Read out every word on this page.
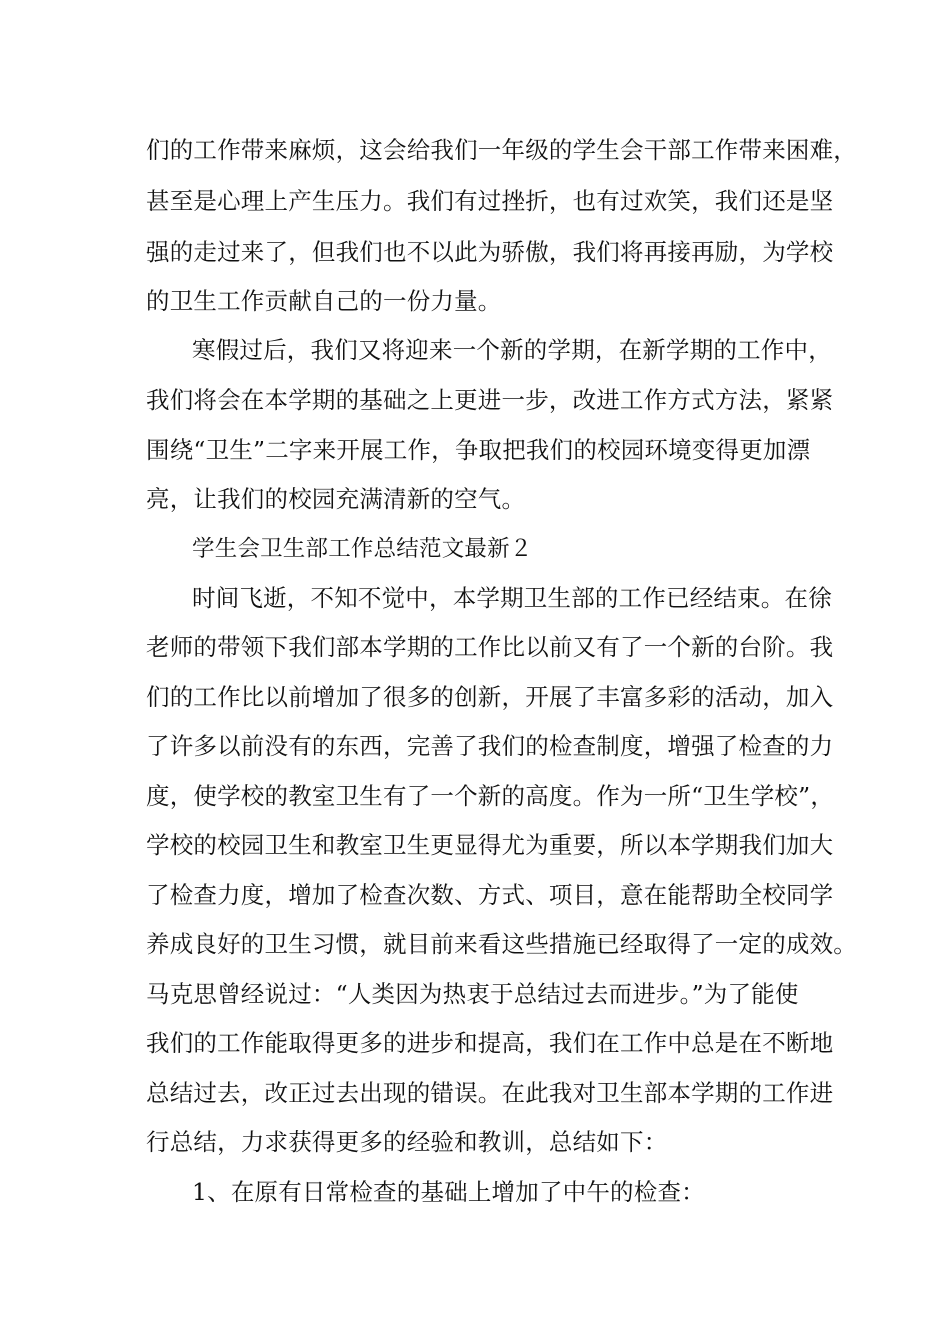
们的工作带来麻烦，这会给我们一年级的学生会干部工作带来困难，
甚至是心理上产生压力。我们有过挫折，也有过欢笑，我们还是坚
强的走过来了，但我们也不以此为骄傲，我们将再接再励，为学校
的卫生工作贡献自己的一份力量。
寒假过后，我们又将迎来一个新的学期，在新学期的工作中，
我们将会在本学期的基础之上更进一步，改进工作方式方法，紧紧
围绕“卫生”二字来开展工作，争取把我们的校园环境变得更加漂
亮，让我们的校园充满清新的空气。
学生会卫生部工作总结范文最新２
时间飞逝，不知不觉中，本学期卫生部的工作已经结束。在徐
老师的带领下我们部本学期的工作比以前又有了一个新的台阶。我
们的工作比以前增加了很多的创新，开展了丰富多彩的活动，加入
了许多以前没有的东西，完善了我们的检查制度，增强了检查的力
度，使学校的教室卫生有了一个新的高度。作为一所“卫生学校”，
学校的校园卫生和教室卫生更显得尤为重要，所以本学期我们加大
了检查力度，增加了检查次数、方式、项目，意在能帮助全校同学
养成良好的卫生习惯，就目前来看这些措施已经取得了一定的成效。
马克思曾经说过：“人类因为热衷于总结过去而进步。”为了能使
我们的工作能取得更多的进步和提高，我们在工作中总是在不断地
总结过去，改正过去出现的错误。在此我对卫生部本学期的工作进
行总结，力求获得更多的经验和教训，总结如下：
1、在原有日常检查的基础上增加了中午的检查：
